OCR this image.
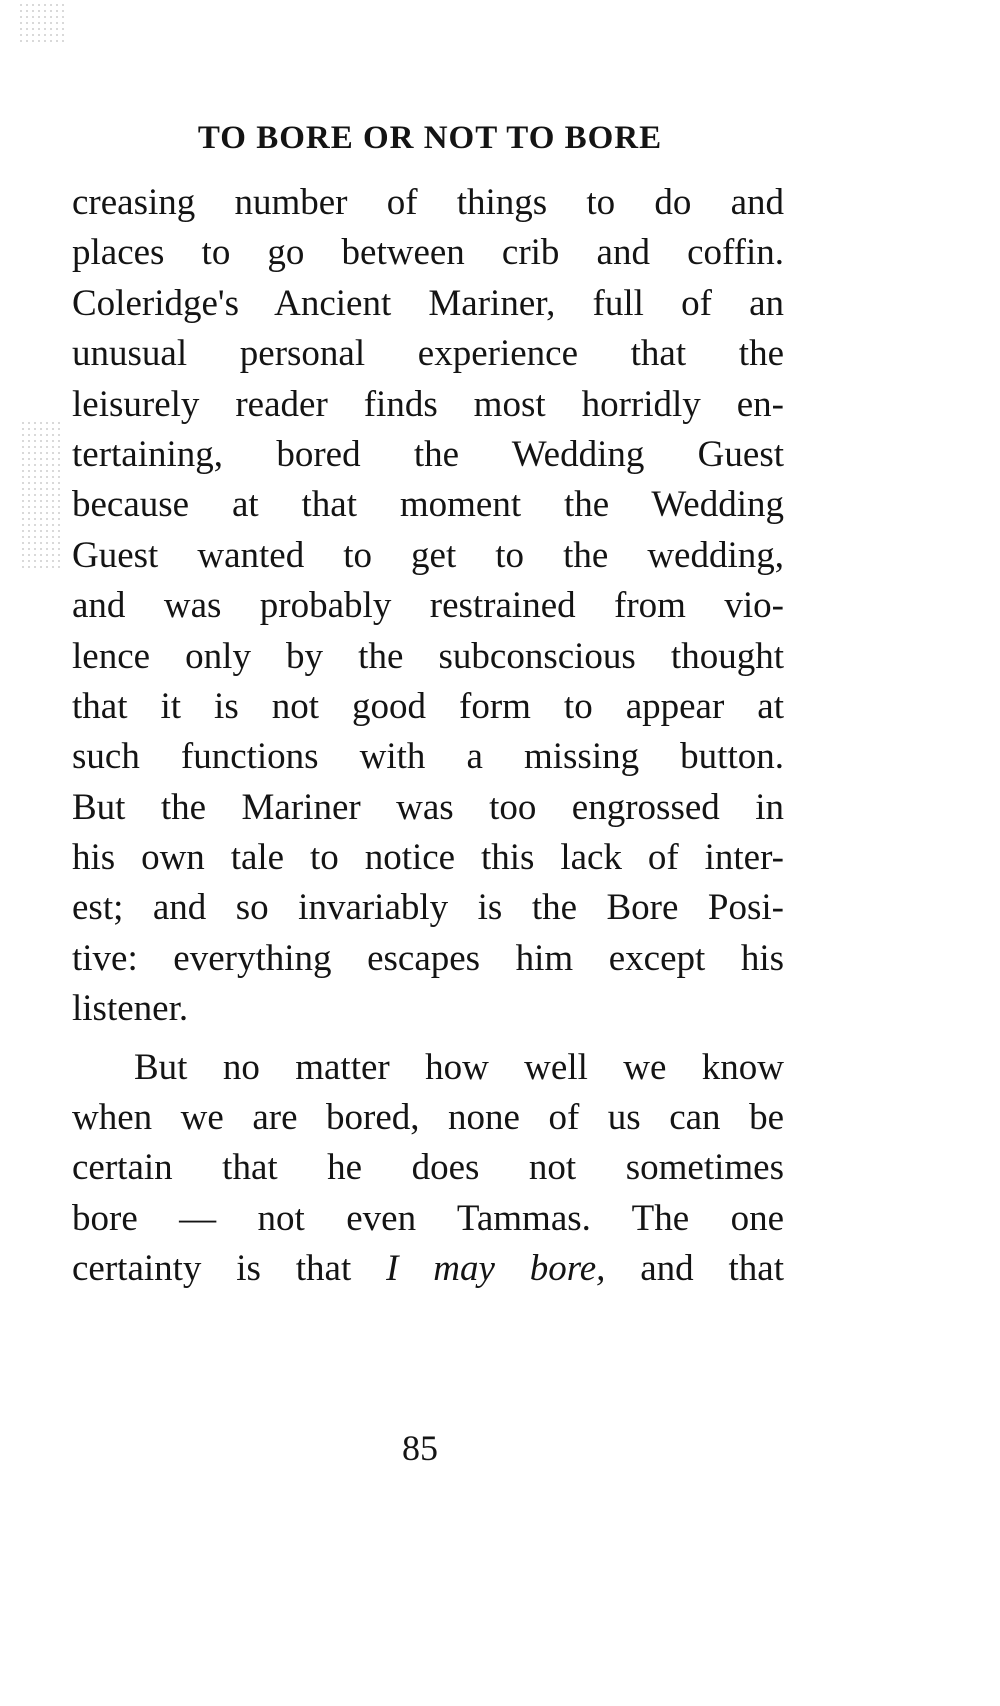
TO BORE OR NOT TO BORE
creasing number of things to do and
places to go between crib and coffin.
Coleridge's Ancient Mariner, full of an
unusual personal experience that the
leisurely reader finds most horridly en-
tertaining, bored the Wedding Guest
because at that moment the Wedding
Guest wanted to get to the wedding,
and was probably restrained from vio-
lence only by the subconscious thought
that it is not good form to appear at
such functions with a missing button.
But the Mariner was too engrossed in
his own tale to notice this lack of inter-
est; and so invariably is the Bore Posi-
tive: everything escapes him except his
listener.
But no matter how well we know
when we are bored, none of us can be
certain that he does not sometimes
bore — not even Tammas. The one
certainty is that I may bore, and that
85
